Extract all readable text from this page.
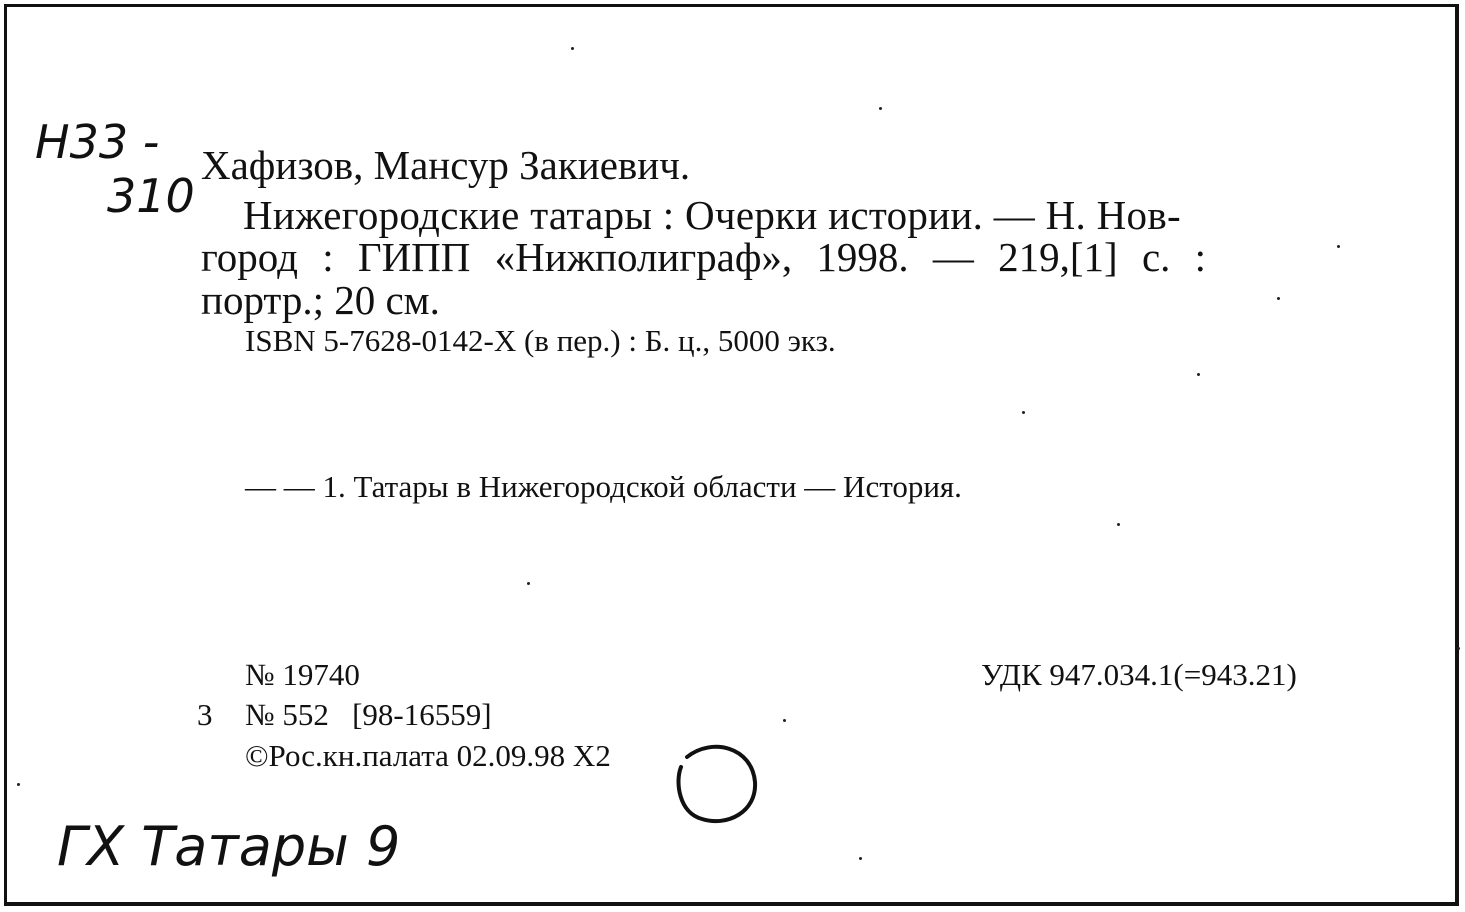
Н33 -
310
Хафизов, Мансур Закиевич.
Нижегородские татары : Очерки истории. — Н. Нов-
город : ГИПП «Нижполиграф», 1998. — 219,[1] с. :
портр.; 20 см.
ISBN 5-7628-0142-X (в пер.) : Б. ц., 5000 экз.
— — 1. Татары в Нижегородской области — История.
№ 19740	УДК 947.034.1(=943.21)
3 № 552   [98-16559]
©Рос.кн.палата 02.09.98 Х2
ГХ Татары 9
